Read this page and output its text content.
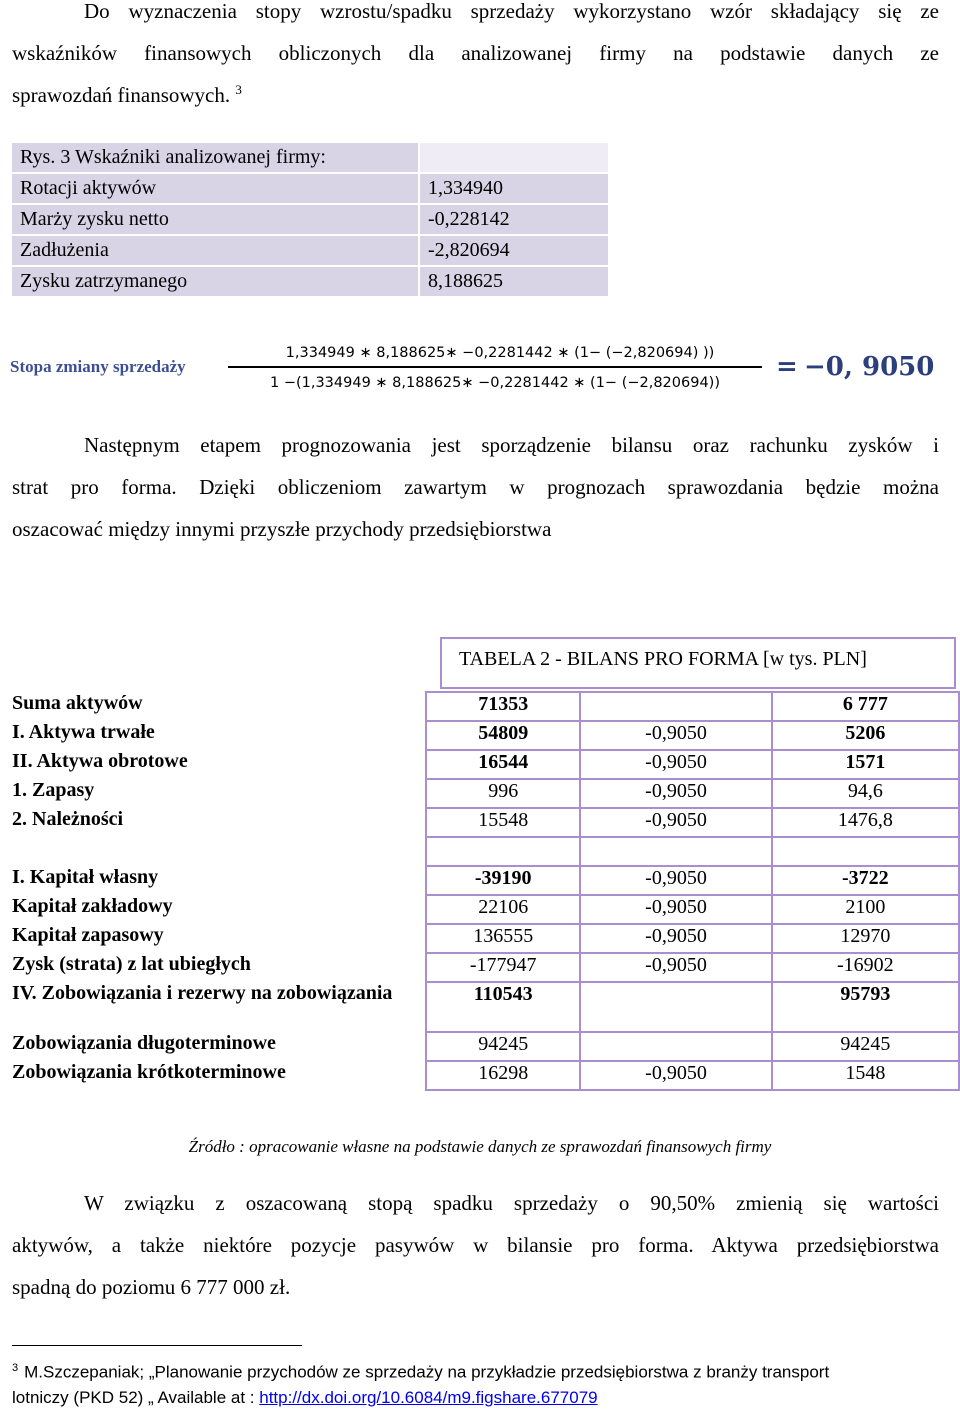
Do wyznaczenia stopy wzrostu/spadku sprzedaży wykorzystano wzór składający się ze

wskaźników finansowych obliczonych dla analizowanej firmy na podstawie danych ze

sprawozdań finansowych. $^3$

Rys. 3 Wskaźniki analizowanej firmy:	
Rotacji aktywów	1,334940
Marży zysku netto	-0,228142
Zadłużenia	-2,820694
Zysku zatrzymanego	8,188625
Stopa zmiany sprzedaży
1,334949 ∗ 8,188625∗ −0,2281442 ∗ (1− (−2,820694) ))
1 −(1,334949 ∗ 8,188625∗ −0,2281442 ∗ (1− (−2,820694))
= −0, 9050

Następnym etapem prognozowania jest sporządzenie bilansu oraz rachunku zysków i

strat pro forma. Dzięki obliczeniom zawartym w prognozach sprawozdania będzie można

oszacować między innymi przyszłe przychody przedsiębiorstwa

TABELA 2 - BILANS PRO FORMA [w tys. PLN]
Suma aktywów	71353		6 777
I. Aktywa trwałe	54809	-0,9050	5206
II. Aktywa obrotowe	16544	-0,9050	1571
1. Zapasy	996	-0,9050	94,6
2. Należności	15548	-0,9050	1476,8

I. Kapitał własny	-39190	-0,9050	-3722
Kapitał zakładowy	22106	-0,9050	2100
Kapitał zapasowy	136555	-0,9050	12970
Zysk (strata) z lat ubiegłych	-177947	-0,9050	-16902
IV. Zobowiązania i rezerwy na zobowiązania	110543		95793
Zobowiązania długoterminowe	94245		94245
Zobowiązania krótkoterminowe	16298	-0,9050	1548
Źródło : opracowanie własne na podstawie danych ze sprawozdań finansowych firmy

W związku z oszacowaną stopą spadku sprzedaży o 90,50% zmienią się wartości

aktywów, a także niektóre pozycje pasywów w bilansie pro forma. Aktywa przedsiębiorstwa

spadną do poziomu 6 777 000 zł.

$^3$ M.Szczepaniak; „Planowanie przychodów ze sprzedaży na przykładzie przedsiębiorstwa z branży transport
lotniczy (PKD 52) „ Available at : http://dx.doi.org/10.6084/m9.figshare.677079
